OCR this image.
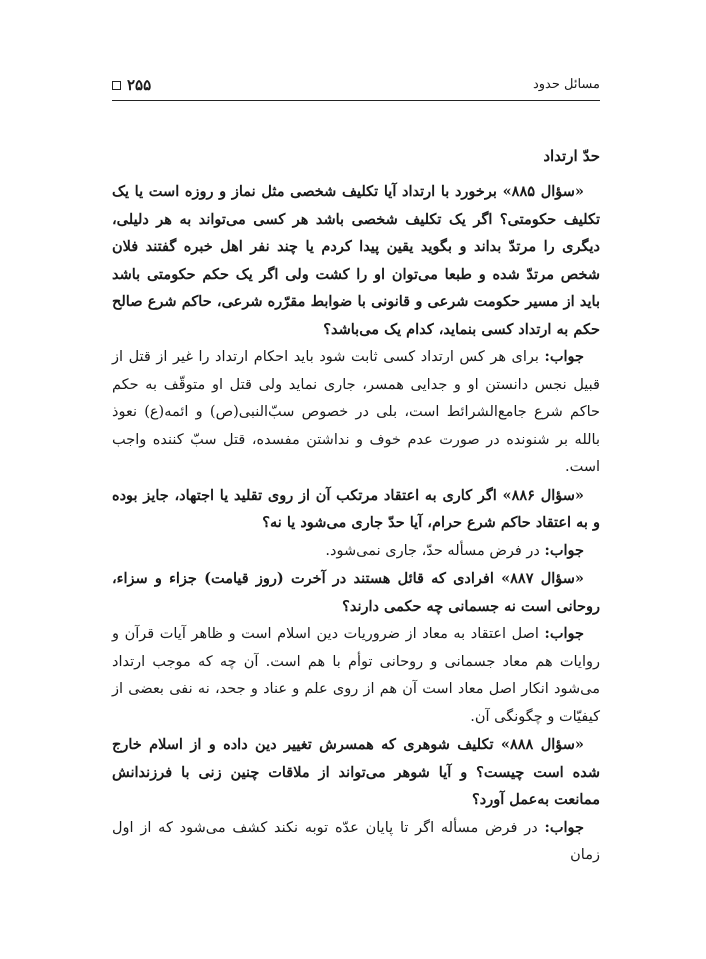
۲۵۵	مسائل حدود
حدّ ارتداد

«سؤال ۸۸۵» برخورد با ارتداد آیا تکلیف شخصی مثل نماز و روزه است یا یک تکلیف حکومتی؟ اگر یک تکلیف شخصی باشد هر کسی می‌تواند به هر دلیلی، دیگری را مرتدّ بداند و بگوید یقین پیدا کردم یا چند نفر اهل خبره گفتند فلان شخص مرتدّ شده و طبعا می‌توان او را کشت ولی اگر یک حکم حکومتی باشد باید از مسیر حکومت شرعی و قانونی با ضوابط مقرّره شرعی، حاکم شرع صالح حکم به ارتداد کسی بنماید، کدام یک می‌باشد؟

جواب: برای هر کس ارتداد کسی ثابت شود باید احکام ارتداد را غیر از قتل از قبیل نجس دانستن او و جدایی همسر، جاری نماید ولی قتل او متوقّف به حکم حاکم شرع جامع‌الشرائط است، بلی در خصوص سبّ‌النبی(ص) و ائمه(ع) نعوذ بالله بر شنونده در صورت عدم خوف و نداشتن مفسده، قتل سبّ کننده واجب است.

«سؤال ۸۸۶» اگر کاری به اعتقاد مرتکب آن از روی تقلید یا اجتهاد، جایز بوده و به اعتقاد حاکم شرع حرام، آیا حدّ جاری می‌شود یا نه؟

جواب: در فرض مسأله حدّ، جاری نمی‌شود.

«سؤال ۸۸۷» افرادی که قائل هستند در آخرت (روز قیامت) جزاء و سزاء، روحانی است نه جسمانی چه حکمی دارند؟

جواب: اصل اعتقاد به معاد از ضروریات دین اسلام است و ظاهر آیات قرآن و روایات هم معاد جسمانی و روحانی توأم با هم است. آن چه که موجب ارتداد می‌شود انکار اصل معاد است آن هم از روی علم و عناد و جحد، نه نفی بعضی از کیفیّات و چگونگی آن.

«سؤال ۸۸۸» تکلیف شوهری که همسرش تغییر دین داده و از اسلام خارج شده است چیست؟ و آیا شوهر می‌تواند از ملاقات چنین زنی با فرزندانش ممانعت به‌عمل آورد؟

جواب: در فرض مسأله اگر تا پایان عدّه توبه نکند کشف می‌شود که از اول زمان
